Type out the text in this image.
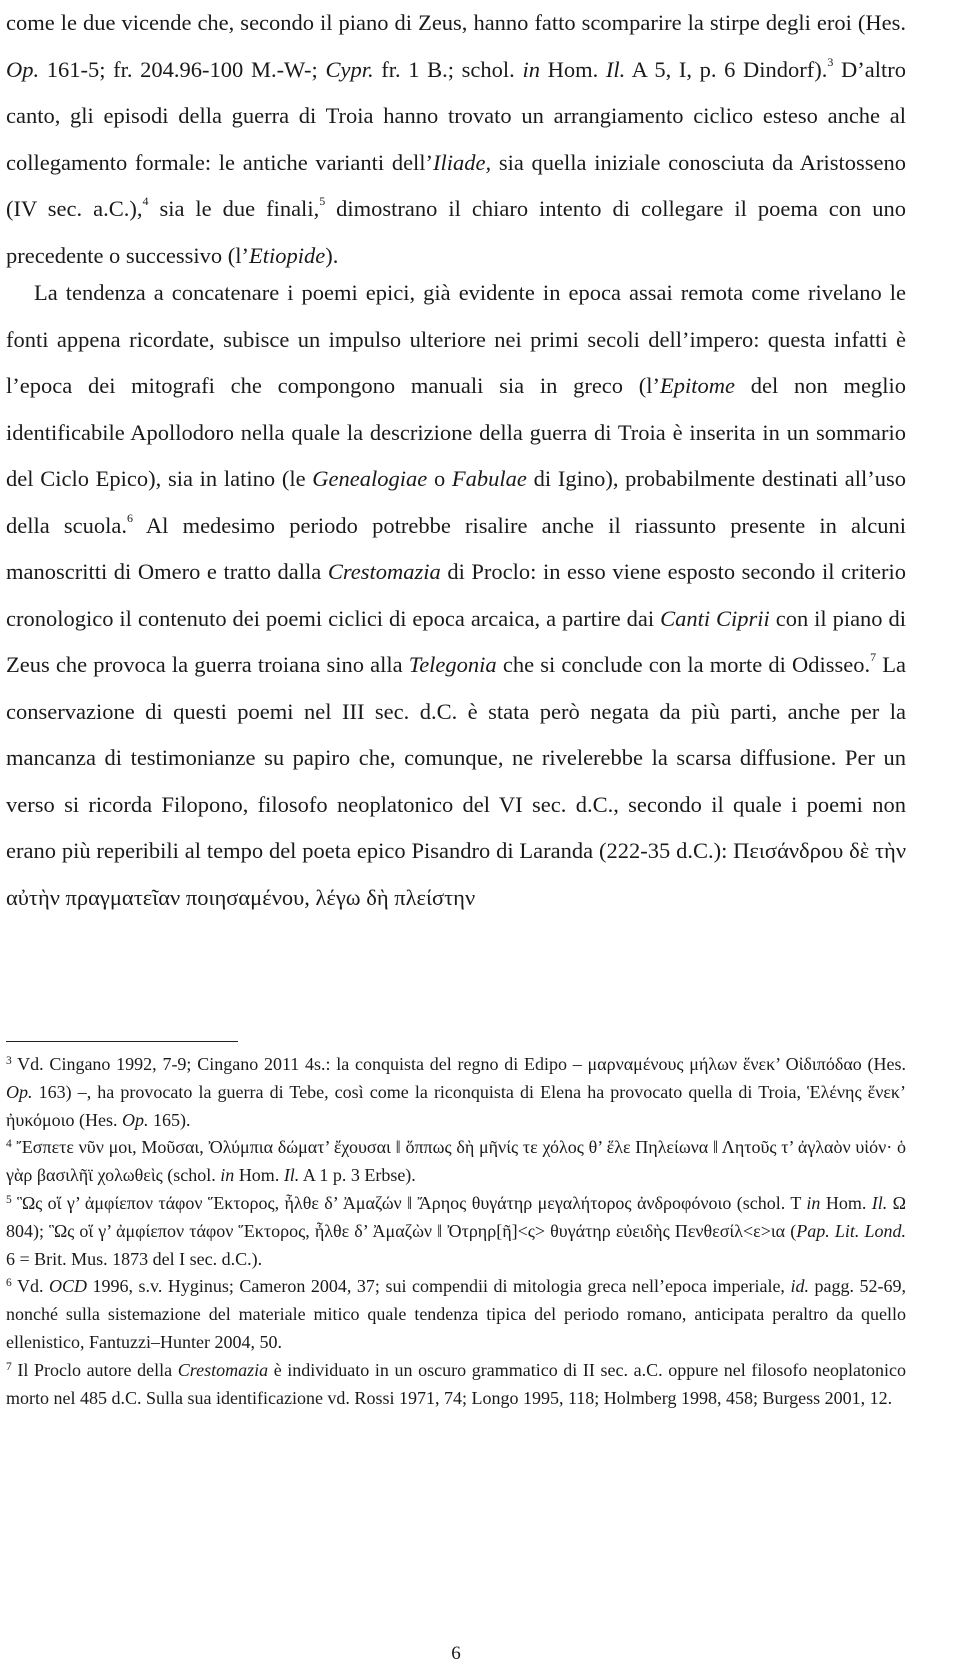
come le due vicende che, secondo il piano di Zeus, hanno fatto scomparire la stirpe degli eroi (Hes. Op. 161-5; fr. 204.96-100 M.-W-; Cypr. fr. 1 B.; schol. in Hom. Il. A 5, I, p. 6 Dindorf).$^3$ D’altro canto, gli episodi della guerra di Troia hanno trovato un arrangiamento ciclico esteso anche al collegamento formale: le antiche varianti dell’Iliade, sia quella iniziale conosciuta da Aristosseno (IV sec. a.C.),$^4$ sia le due finali,$^5$ dimostrano il chiaro intento di collegare il poema con uno precedente o successivo (l’Etiopide).

La tendenza a concatenare i poemi epici, già evidente in epoca assai remota come rivelano le fonti appena ricordate, subisce un impulso ulteriore nei primi secoli dell’impero: questa infatti è l’epoca dei mitografi che compongono manuali sia in greco (l’Epitome del non meglio identificabile Apollodoro nella quale la descrizione della guerra di Troia è inserita in un sommario del Ciclo Epico), sia in latino (le Genealogiae o Fabulae di Igino), probabilmente destinati all’uso della scuola.$^6$ Al medesimo periodo potrebbe risalire anche il riassunto presente in alcuni manoscritti di Omero e tratto dalla Crestomazia di Proclo: in esso viene esposto secondo il criterio cronologico il contenuto dei poemi ciclici di epoca arcaica, a partire dai Canti Ciprii con il piano di Zeus che provoca la guerra troiana sino alla Telegonia che si conclude con la morte di Odisseo.$^7$ La conservazione di questi poemi nel III sec. d.C. è stata però negata da più parti, anche per la mancanza di testimonianze su papiro che, comunque, ne rivelerebbe la scarsa diffusione. Per un verso si ricorda Filopono, filosofo neoplatonico del VI sec. d.C., secondo il quale i poemi non erano più reperibili al tempo del poeta epico Pisandro di Laranda (222-35 d.C.): Πεισάνδρου δὲ τὴν αὐτὴν πραγματεῖαν ποιησαμένου, λέγω δὴ πλείστην

$^3$ Vd. Cingano 1992, 7-9; Cingano 2011 4s.: la conquista del regno di Edipo – μαρναμένους μήλων ἕνεκ’ Οἰδιπόδαο (Hes. Op. 163) –, ha provocato la guerra di Tebe, così come la riconquista di Elena ha provocato quella di Troia, Ἑλένης ἕνεκ’ ἠυκόμοιο (Hes. Op. 165).

$^4$ Ἔσπετε νῦν μοι, Μοῦσαι, Ὀλύμπια δώματ’ ἔχουσαι ‖ ὅππως δὴ μῆνίς τε χόλος θ’ ἕλε Πηλείωνα ‖ Λητοῦς τ’ ἀγλαὸν υἱόν· ὁ γὰρ βασιλῆϊ χολωθεὶς (schol. in Hom. Il. A 1 p. 3 Erbse).

$^5$ Ὣς οἵ γ’ ἀμφίεπον τάφον Ἕκτορος, ἦλθε δ’ Ἀμαζών ‖ Ἄρηος θυγάτηρ μεγαλήτορος ἀνδροφόνοιο (schol. T in Hom. Il. Ω 804); Ὣς οἵ γ’ ἀμφίεπον τάφον Ἕκτορος, ἦλθε δ’ Ἀμαζὼν ‖ Ὀτρηρ[ῆ]<ς> θυγάτηρ εὐειδὴς Πενθεσίλ<ε>ια (Pap. Lit. Lond. 6 = Brit. Mus. 1873 del I sec. d.C.).

$^6$ Vd. OCD 1996, s.v. Hyginus; Cameron 2004, 37; sui compendii di mitologia greca nell’epoca imperiale, id. pagg. 52-69, nonché sulla sistemazione del materiale mitico quale tendenza tipica del periodo romano, anticipata peraltro da quello ellenistico, Fantuzzi–Hunter 2004, 50.

$^7$ Il Proclo autore della Crestomazia è individuato in un oscuro grammatico di II sec. a.C. oppure nel filosofo neoplatonico morto nel 485 d.C. Sulla sua identificazione vd. Rossi 1971, 74; Longo 1995, 118; Holmberg 1998, 458; Burgess 2001, 12.

6
